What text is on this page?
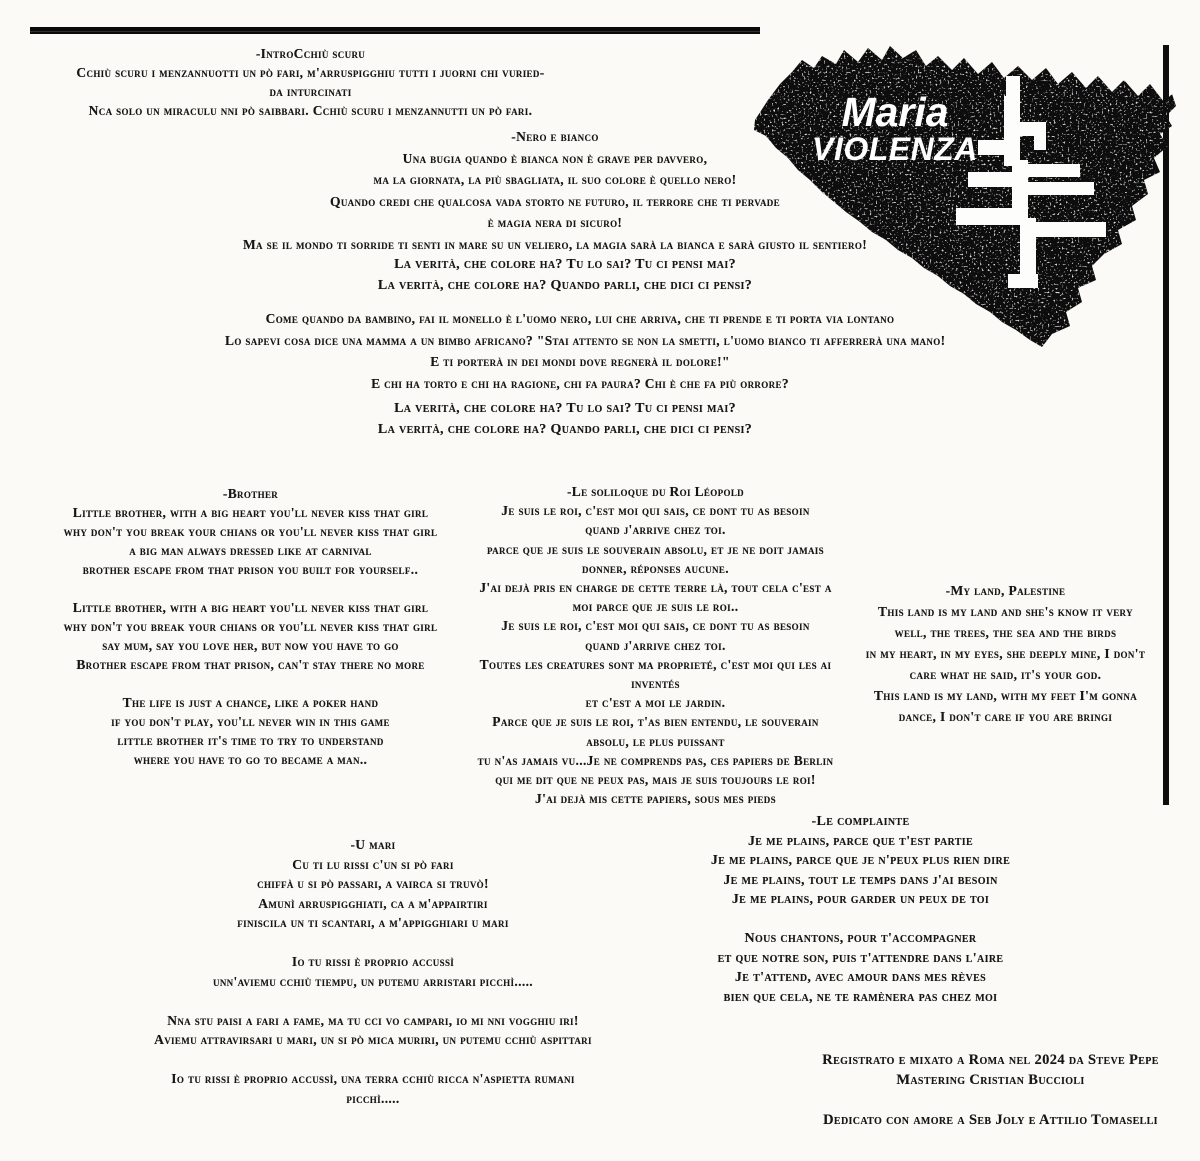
Maria
VIOLENZA
-IntroCchiù scuru
Cchiù scuru i menzannuotti un pò fari, m'arruspigghiu tutti i juorni chi vuried-
da inturcinati
Nca solo un miraculu nni pò saibbari. Cchiù scuru i menzannutti un pò fari.
-Nero e bianco
Una bugia quando è bianca non è grave per davvero,
ma la giornata, la più sbagliata, il suo colore è quello nero!
Quando credi che qualcosa vada storto ne futuro, il terrore che ti pervade
è magia nera di sicuro!
Ma se il mondo ti sorride ti senti in mare su un veliero, la magia sarà la bianca e sarà giusto il sentiero!
La verità, che colore ha? Tu lo sai? Tu ci pensi mai?
La verità, che colore ha? Quando parli, che dici ci pensi?
Come quando da bambino, fai il monello è l'uomo nero, lui che arriva, che ti prende e ti porta via lontano
Lo sapevi cosa dice una mamma a un bimbo africano? "Stai attento se non la smetti, l'uomo bianco ti afferrerà una mano!
E ti porterà in dei mondi dove regnerà il dolore!"
E chi ha torto e chi ha ragione, chi fa paura? Chi è che fa più orrore?
La verità, che colore ha? Tu lo sai? Tu ci pensi mai?
La verità, che colore ha? Quando parli, che dici ci pensi?
-Brother
Little brother, with a big heart you'll never kiss that girl
why don't you break your chians or you'll never kiss that girl
a big man always dressed like at carnival
brother escape from that prison you built for yourself..

Little brother, with a big heart you'll never kiss that girl
why don't you break your chians or you'll never kiss that girl
say mum, say you love her, but now you have to go
Brother escape from that prison, can't stay there no more

The life is just a chance, like a poker hand
if you don't play, you'll never win in this game
little brother it's time to try to understand
where you have to go to became a man..
-Le soliloque du Roi Léopold
Je suis le roi, c'est moi qui sais, ce dont tu as besoin
quand j'arrive chez toi.
parce que je suis le souverain absolu, et je ne doit jamais
donner, réponses aucune.
J'ai dejà pris en charge de cette terre là, tout cela c'est a
moi parce que je suis le roi..
Je suis le roi, c'est moi qui sais, ce dont tu as besoin
quand j'arrive chez toi.
Toutes les creatures sont ma proprieté, c'est moi qui les ai
inventés
et c'est a moi le jardin.
Parce que je suis le roi, t'as bien entendu, le souverain
absolu, le plus puissant
tu n'as jamais vu...Je ne comprends pas, ces papiers de Berlin
qui me dit que ne peux pas, mais je suis toujours le roi!
J'ai dejà mis cette papiers, sous mes pieds
-My land, Palestine
This land is my land and she's know it very
well, the trees, the sea and the birds
in my heart, in my eyes, she deeply mine, I don't
care what he said, it's your god.
This land is my land, with my feet I'm gonna
dance, I don't care if you are bringi
-U mari
Cu ti lu rissi c'un si pò fari
chiffà u si pò passari, a vairca si truvò!
Amunì arruspigghiati, ca a m'appairtiri
finiscila un ti scantari, a m'appigghiari u mari

Io tu rissi è proprio accussì
unn'aviemu cchiù tiempu, un putemu arristari picchì.....

Nna stu paisi a fari a fame, ma tu cci vo campari, io mi nni vogghiu iri!
Aviemu attravirsari u mari, un si pò mica muriri, un putemu cchiù aspittari

Io tu rissi è proprio accussì, una terra cchiù ricca n'aspietta rumani
picchì.....
-Le complainte
Je me plains, parce que t'est partie
Je me plains, parce que je n'peux plus rien dire
Je me plains, tout le temps dans j'ai besoin
Je me plains, pour garder un peux de toi

Nous chantons, pour t'accompagner
et que notre son, puis t'attendre dans l'aire
Je t'attend, avec amour dans mes rèves
bien que cela, ne te ramènera pas chez moi
Registrato e mixato a Roma nel 2024 da Steve Pepe
Mastering Cristian Buccioli

Dedicato con amore a Seb Joly e Attilio Tomaselli
